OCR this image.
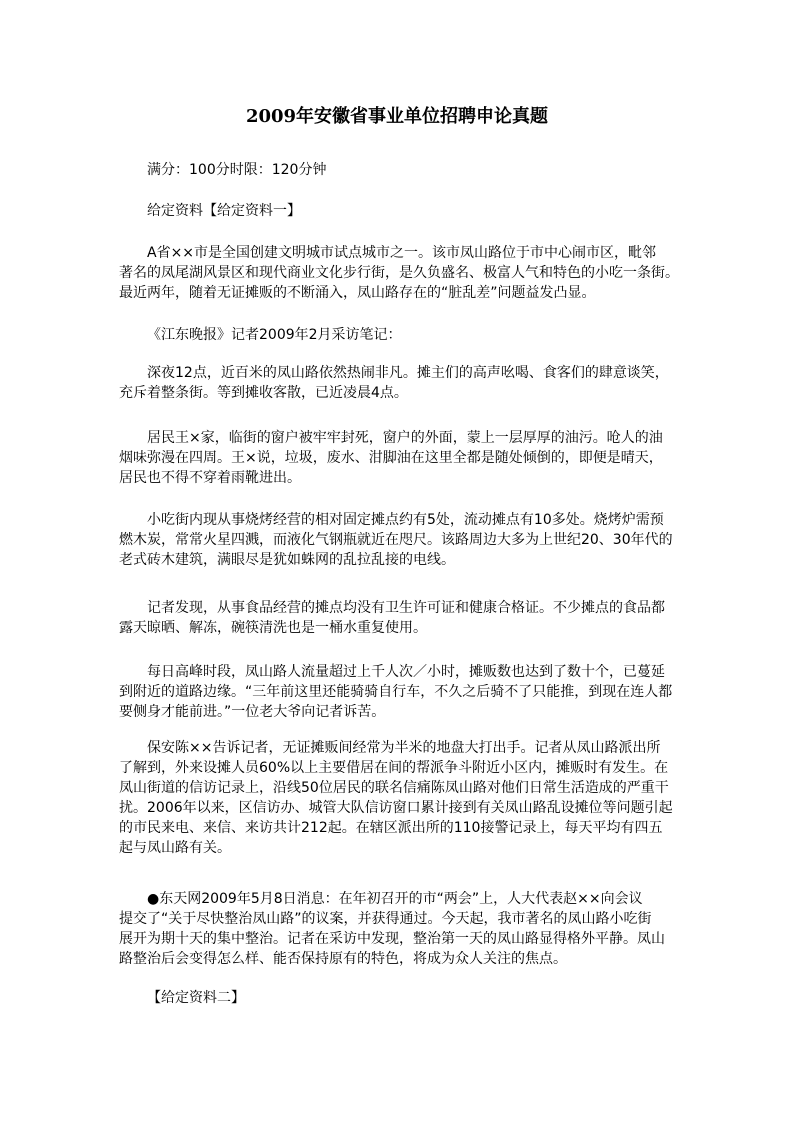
2009年安徽省事业单位招聘申论真题
满分：100分时限：120分钟
给定资料【给定资料一】
A省××市是全国创建文明城市试点城市之一。该市凤山路位于市中心闹市区，毗邻
著名的凤尾湖风景区和现代商业文化步行街，是久负盛名、极富人气和特色的小吃一条街。
最近两年，随着无证摊贩的不断涌入，凤山路存在的“脏乱差”问题益发凸显。
《江东晚报》记者2009年2月采访笔记：
深夜12点，近百米的凤山路依然热闹非凡。摊主们的高声吆喝、食客们的肆意谈笑，
充斥着整条街。等到摊收客散，已近凌晨4点。
居民王×家，临街的窗户被牢牢封死，窗户的外面，蒙上一层厚厚的油污。呛人的油
烟味弥漫在四周。王×说，垃圾，废水、泔脚油在这里全都是随处倾倒的，即便是晴天，
居民也不得不穿着雨靴进出。
小吃街内现从事烧烤经营的相对固定摊点约有5处，流动摊点有10多处。烧烤炉需预
燃木炭，常常火星四溅，而液化气钢瓶就近在咫尺。该路周边大多为上世纪20、30年代的
老式砖木建筑，满眼尽是犹如蛛网的乱拉乱接的电线。
记者发现，从事食品经营的摊点均没有卫生许可证和健康合格证。不少摊点的食品都
露天晾晒、解冻，碗筷清洗也是一桶水重复使用。
每日高峰时段，凤山路人流量超过上千人次／小时，摊贩数也达到了数十个，已蔓延
到附近的道路边缘。“三年前这里还能骑骑自行车，不久之后骑不了只能推，到现在连人都
要侧身才能前进。”一位老大爷向记者诉苦。
保安陈××告诉记者，无证摊贩间经常为半米的地盘大打出手。记者从凤山路派出所
了解到，外来设摊人员60%以上主要借居在间的帮派争斗附近小区内，摊贩时有发生。在
凤山街道的信访记录上，沿线50位居民的联名信痛陈凤山路对他们日常生活造成的严重干
扰。2006年以来，区信访办、城管大队信访窗口累计接到有关凤山路乱设摊位等问题引起
的市民来电、来信、来访共计212起。在辖区派出所的110接警记录上，每天平均有四五
起与凤山路有关。
●东天网2009年5月8日消息：在年初召开的市“两会”上，人大代表赵××向会议
提交了“关于尽快整治凤山路”的议案，并获得通过。今天起，我市著名的凤山路小吃街
展开为期十天的集中整治。记者在采访中发现，整治第一天的凤山路显得格外平静。凤山
路整治后会变得怎么样、能否保持原有的特色，将成为众人关注的焦点。
【给定资料二】
